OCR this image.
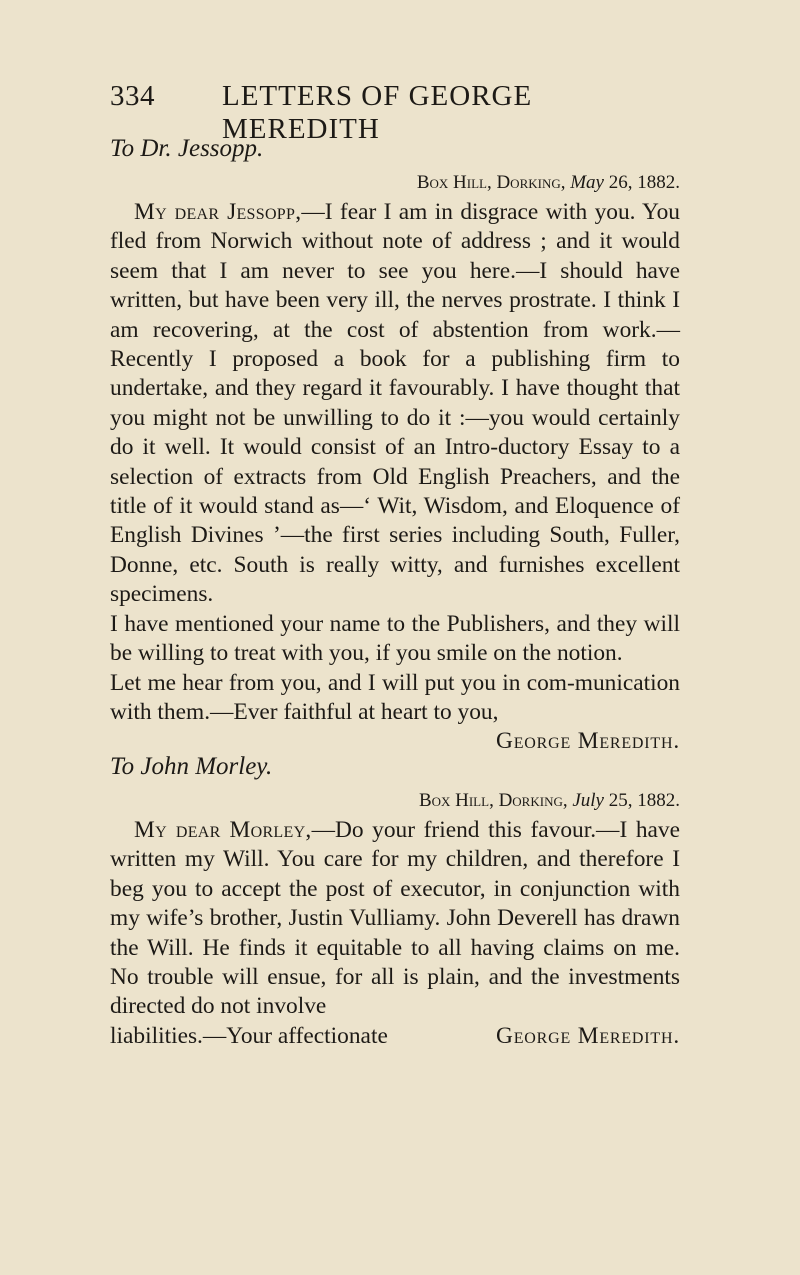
334 LETTERS OF GEORGE MEREDITH

To Dr. Jessopp.

Box Hill, Dorking, May 26, 1882.

My dear Jessopp,—I fear I am in disgrace with you. You fled from Norwich without note of address ; and it would seem that I am never to see you here.—I should have written, but have been very ill, the nerves prostrate. I think I am recovering, at the cost of abstention from work.—Recently I proposed a book for a publishing firm to undertake, and they regard it favourably. I have thought that you might not be unwilling to do it :—you would certainly do it well. It would consist of an Intro-ductory Essay to a selection of extracts from Old English Preachers, and the title of it would stand as—‘ Wit, Wisdom, and Eloquence of English Divines ’—the first series including South, Fuller, Donne, etc. South is really witty, and furnishes excellent specimens.

I have mentioned your name to the Publishers, and they will be willing to treat with you, if you smile on the notion.

Let me hear from you, and I will put you in com-munication with them.—Ever faithful at heart to you,

George Meredith.

To John Morley.

Box Hill, Dorking, July 25, 1882.

My dear Morley,—Do your friend this favour.—I have written my Will. You care for my children, and therefore I beg you to accept the post of executor, in conjunction with my wife’s brother, Justin Vulliamy. John Deverell has drawn the Will. He finds it equitable to all having claims on me. No trouble will ensue, for all is plain, and the investments directed do not involve

liabilities.—Your affectionate	George Meredith.
